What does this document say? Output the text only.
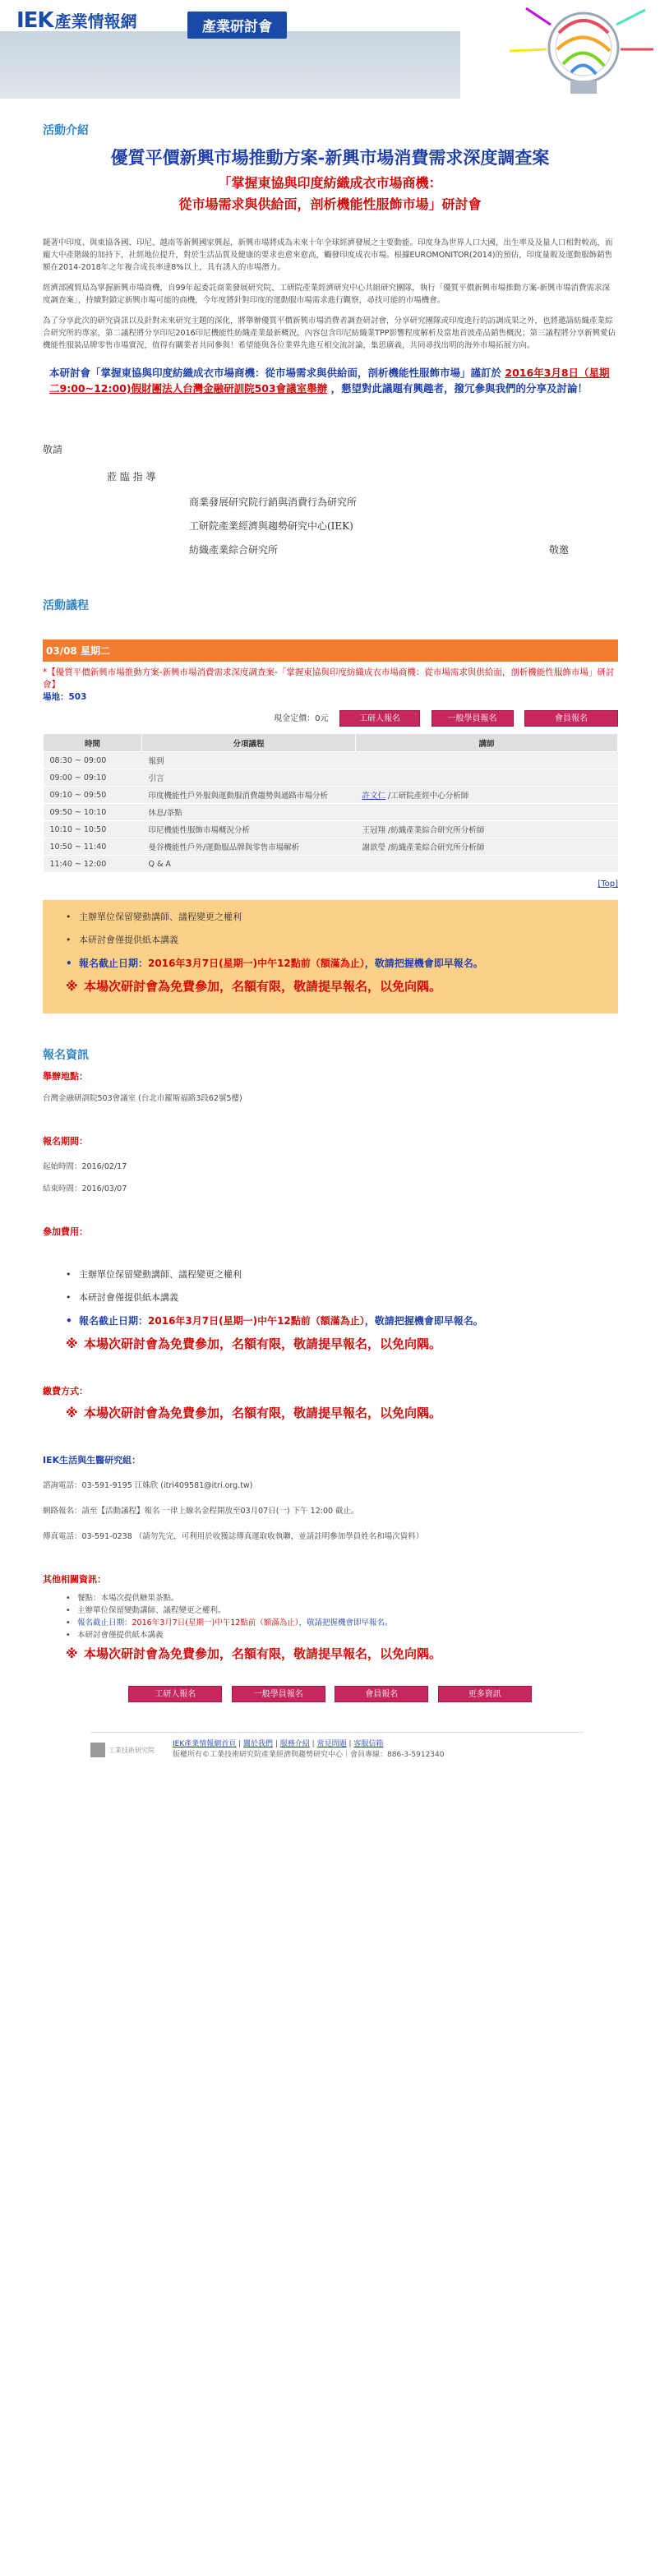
IEK 產業情報網	產業研討會
活動介紹
優質平價新興市場推動方案-新興市場消費需求深度調查案

「掌握東協與印度紡織成衣市場商機：

從市場需求與供給面，剖析機能性服飾市場」研討會

隨著中印度、與東協各國、印尼、越南等新興國家興起，新興市場將成為未來十年全球經濟發展之主要動能。印度身為世界人口大國，出生率及及量人口相對較高，而龐大中產階級的加持下，社經地位提升，對於生活品質及健康的要求也愈來愈高，觸發印度成衣市場。根據EUROMONITOR(2014)的預估，印度量販及運動服飾銷售額在2014-2018年之年複合成長率達8%以上，具有誘人的市場潛力。

經濟部國貿局為掌握新興市場商機，自99年起委託商業發展研究院、工研院產業經濟研究中心共組研究團隊，執行「優質平價新興市場推動方案-新興市場消費需求深度調查案」，持續對鎖定新興市場可能的商機，今年度將針對印度的運動服市場需求進行觀察，尋找可能的市場機會。

為了分享此次的研究資訊以及針對未來研究主題的深化，將舉辦優質平價新興市場消費者調查研討會，分享研究團隊或印度進行的訪調成果之外，也將邀請紡織產業綜合研究所的專家，第二議程將分享印尼2016印尼機能性紡織產業最新概況，內容包含印尼紡織業TPP影響程度解析及當地首波產品銷售概況；第三議程將分享新興愛佔機能性服裝品牌零售市場實況，值得有關業者共同參與！希望能與各位業界先進互相交流討論，集思廣義，共同尋找出明的海外市場拓展方向。

本研討會「掌握東協與印度紡織成衣市場商機：從市場需求與供給面，剖析機能性服飾市場」謹訂於 2016年3月8日（星期二9:00~12:00)假財團法人台灣金融研訓院503會議室舉辦 ，懇望對此議題有興趣者，撥冗參與我們的分享及討論！

敬請
蒞 臨 指 導
商業發展研究院行銷與消費行為研究所
工研院產業經濟與趨勢研究中心(IEK)
紡織產業綜合研究所	敬邀
活動議程
03/08 星期二
*【優質平價新興市場推動方案-新興市場消費需求深度調查案-「掌握東協與印度紡織成衣市場商機：從市場需求與供給面，剖析機能性服飾市場」研討會】
場地：503
現金定價：0元	工研人報名	一般學員報名	會員報名
時間	分項議程	講師
08:30 ~ 09:00	報到	
09:00 ~ 09:10	引言	
09:10 ~ 09:50	印度機能性戶外服與運動服消費趨勢與通路市場分析	許文仁 /工研院產經中心分析師
09:50 ~ 10:10	休息/茶點	
10:10 ~ 10:50	印尼機能性服飾市場概況分析	王冠翔 /紡織產業綜合研究所分析師
10:50 ~ 11:40	曼谷機能性戶外/運動服品牌與零售市場解析	謝歆瑩 /紡織產業綜合研究所分析師
11:40 ~ 12:00	Q & A	
[Top]

• 主辦單位保留變動講師、議程變更之權利

• 本研討會僅提供紙本講義

• 報名截止日期：2016年3月7日(星期一)中午12點前（額滿為止），敬請把握機會即早報名。

※ 本場次研討會為免費參加，名額有限，敬請提早報名，以免向隅。

報名資訊

舉辦地點：

台灣金融研訓院503會議室 (台北市羅斯福路3段62號5樓)

報名期間：

起始時間：2016/02/17

結束時間：2016/03/07

參加費用：

• 主辦單位保留變動講師、議程變更之權利
• 本研討會僅提供紙本講義
• 報名截止日期：2016年3月7日(星期一)中午12點前（額滿為止），敬請把握機會即早報名。
※ 本場次研討會為免費參加，名額有限，敬請提早報名，以免向隅。

繳費方式：

※ 本場次研討會為免費參加，名額有限，敬請提早報名，以免向隅。

IEK生活與生醫研究組：

諮詢電話：03-591-9195 江姝欣 (itri409581@itri.org.tw)

網路報名：請至【活動議程】報名 一律上線名金程開放至03月07日(一) 下午 12:00 截止。

傳真電話：03-591-0238 （請勿先完，可利用於收獲誌傳真運取收執聯，並請註明參加學員姓名和場次資料）

其他相關資訊：

• 餐點：本場次提供糖果茶點。
• 主辦單位保留變動講師、議程變更之權利。
• 報名截止日期：2016年3月7日(星期一)中午12點前（額滿為止），敬請把握機會即早報名。
• 本研討會僅提供紙本講義
※ 本場次研討會為免費參加，名額有限，敬請提早報名，以免向隅。
工研人報名	一般學員報名	會員報名	更多資訊
工業技術研究院
IEK產業情報網首頁 | 關於我們 | 服務介紹 | 常見問題 | 客服信箱
版權所有©工業技術研究院產業經濟與趨勢研究中心｜會員專線：886-3-5912340
